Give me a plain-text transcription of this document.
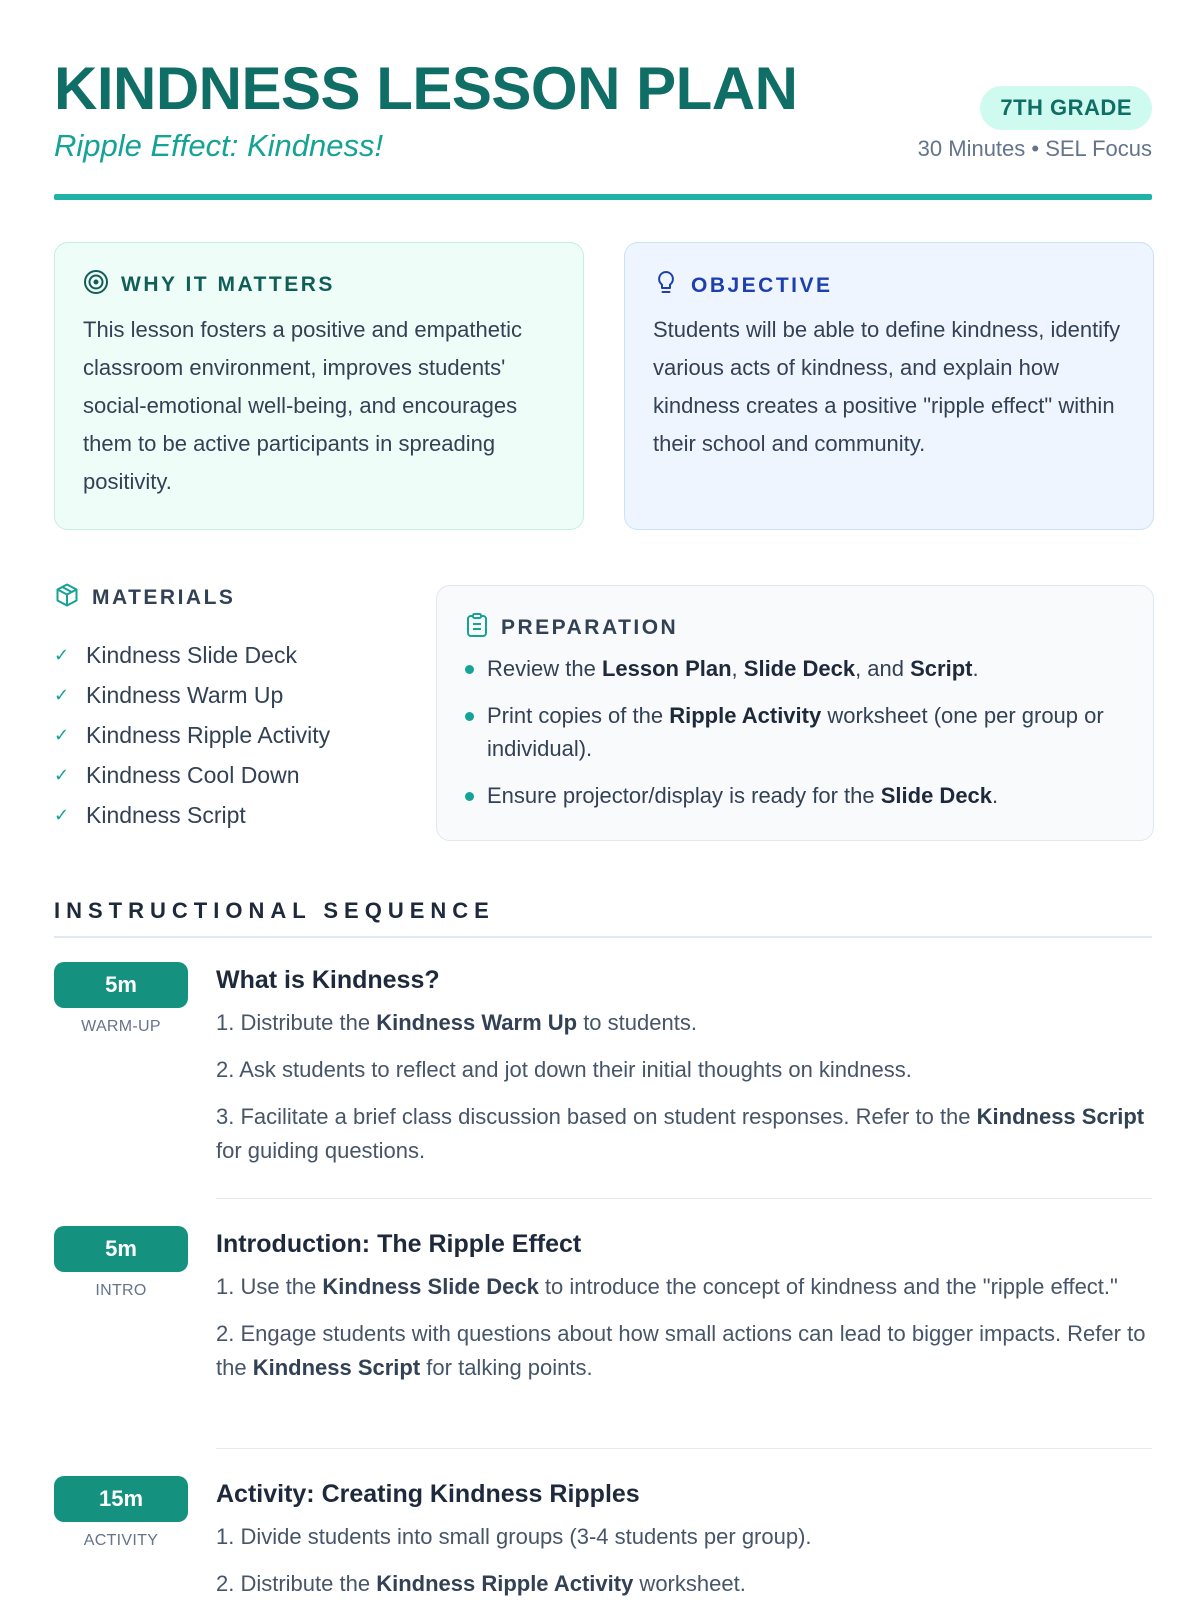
KINDNESS LESSON PLAN
Ripple Effect: Kindness!
7TH GRADE
30 Minutes • SEL Focus
WHY IT MATTERS

This lesson fosters a positive and empathetic classroom environment, improves students' social-emotional well-being, and encourages them to be active participants in spreading positivity.

OBJECTIVE

Students will be able to define kindness, identify various acts of kindness, and explain how kindness creates a positive "ripple effect" within their school and community.

MATERIALS
✓ Kindness Slide Deck
✓ Kindness Warm Up
✓ Kindness Ripple Activity
✓ Kindness Cool Down
✓ Kindness Script
PREPARATION
Review the Lesson Plan, Slide Deck, and Script.
Print copies of the Ripple Activity worksheet (one per group or individual).
Ensure projector/display is ready for the Slide Deck.
INSTRUCTIONAL SEQUENCE
5m
WARM-UP
What is Kindness?
1. Distribute the Kindness Warm Up to students.
2. Ask students to reflect and jot down their initial thoughts on kindness.
3. Facilitate a brief class discussion based on student responses. Refer to the Kindness Script for guiding questions.
5m
INTRO
Introduction: The Ripple Effect
1. Use the Kindness Slide Deck to introduce the concept of kindness and the "ripple effect."
2. Engage students with questions about how small actions can lead to bigger impacts. Refer to the Kindness Script for talking points.
15m
ACTIVITY
Activity: Creating Kindness Ripples
1. Divide students into small groups (3-4 students per group).
2. Distribute the Kindness Ripple Activity worksheet.
